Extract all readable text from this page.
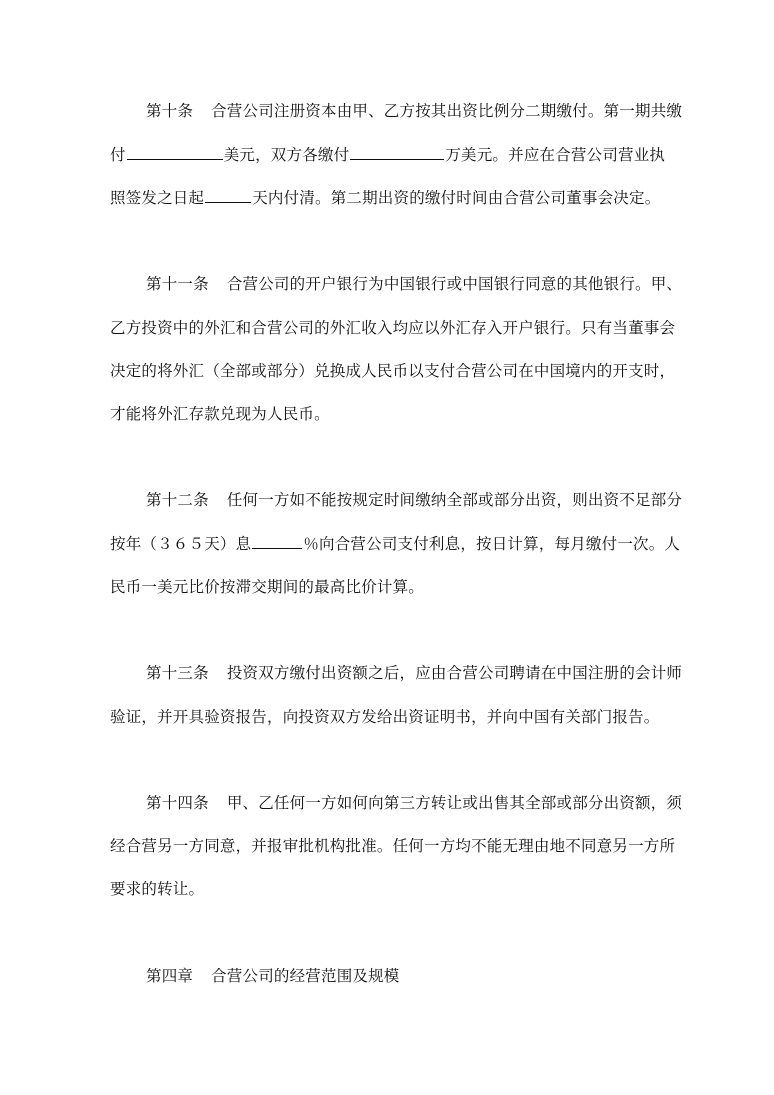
第十条 合营公司注册资本由甲、乙方按其出资比例分二期缴付。第一期共缴
付	美元，双方各缴付	万美元。并应在合营公司营业执
照签发之日起	天内付清。第二期出资的缴付时间由合营公司董事会决定。
第十一条 合营公司的开户银行为中国银行或中国银行同意的其他银行。甲、
乙方投资中的外汇和合营公司的外汇收入均应以外汇存入开户银行。只有当董事会
决定的将外汇（全部或部分）兑换成人民币以支付合营公司在中国境内的开支时，
才能将外汇存款兑现为人民币。
第十二条 任何一方如不能按规定时间缴纳全部或部分出资，则出资不足部分
按年（３６５天）息	％向合营公司支付利息，按日计算，每月缴付一次。人
民币一美元比价按滞交期间的最高比价计算。
第十三条 投资双方缴付出资额之后，应由合营公司聘请在中国注册的会计师
验证，并开具验资报告，向投资双方发给出资证明书，并向中国有关部门报告。
第十四条 甲、乙任何一方如何向第三方转让或出售其全部或部分出资额，须
经合营另一方同意，并报审批机构批准。任何一方均不能无理由地不同意另一方所
要求的转让。
第四章 合营公司的经营范围及规模
